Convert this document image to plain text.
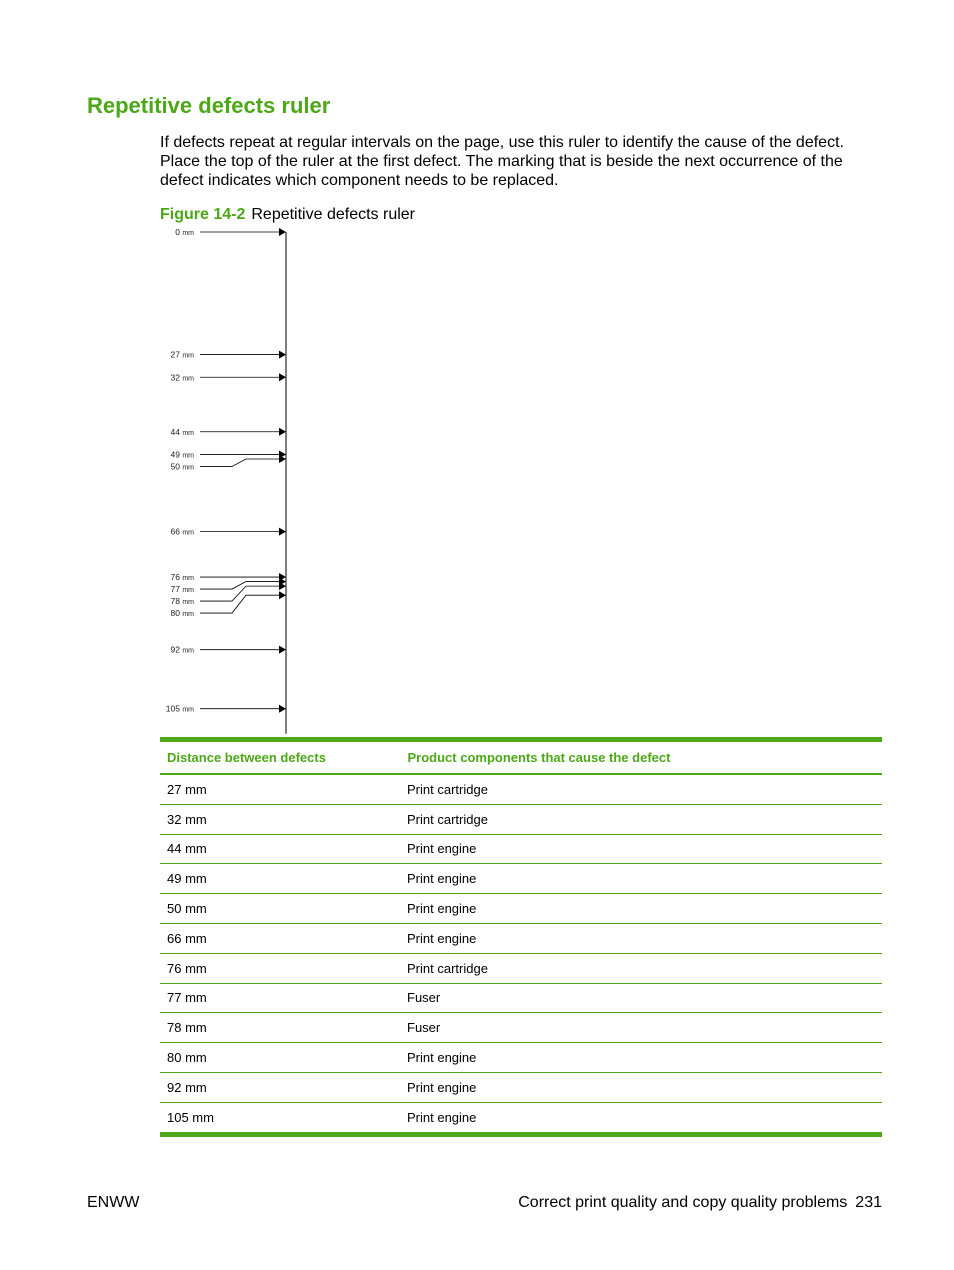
Repetitive defects ruler

If defects repeat at regular intervals on the page, use this ruler to identify the cause of the defect. Place the top of the ruler at the first defect. The marking that is beside the next occurrence of the defect indicates which component needs to be replaced.

Figure 14-2 Repetitive defects ruler

0 mm
27 mm
32 mm
44 mm
49 mm
50 mm
66 mm
76 mm
77 mm
78 mm
80 mm
92 mm
105 mm
Distance between defects	Product components that cause the defect
27 mm	Print cartridge
32 mm	Print cartridge
44 mm	Print engine
49 mm	Print engine
50 mm	Print engine
66 mm	Print engine
76 mm	Print cartridge
77 mm	Fuser
78 mm	Fuser
80 mm	Print engine
92 mm	Print engine
105 mm	Print engine

ENWW	Correct print quality and copy quality problems 231
